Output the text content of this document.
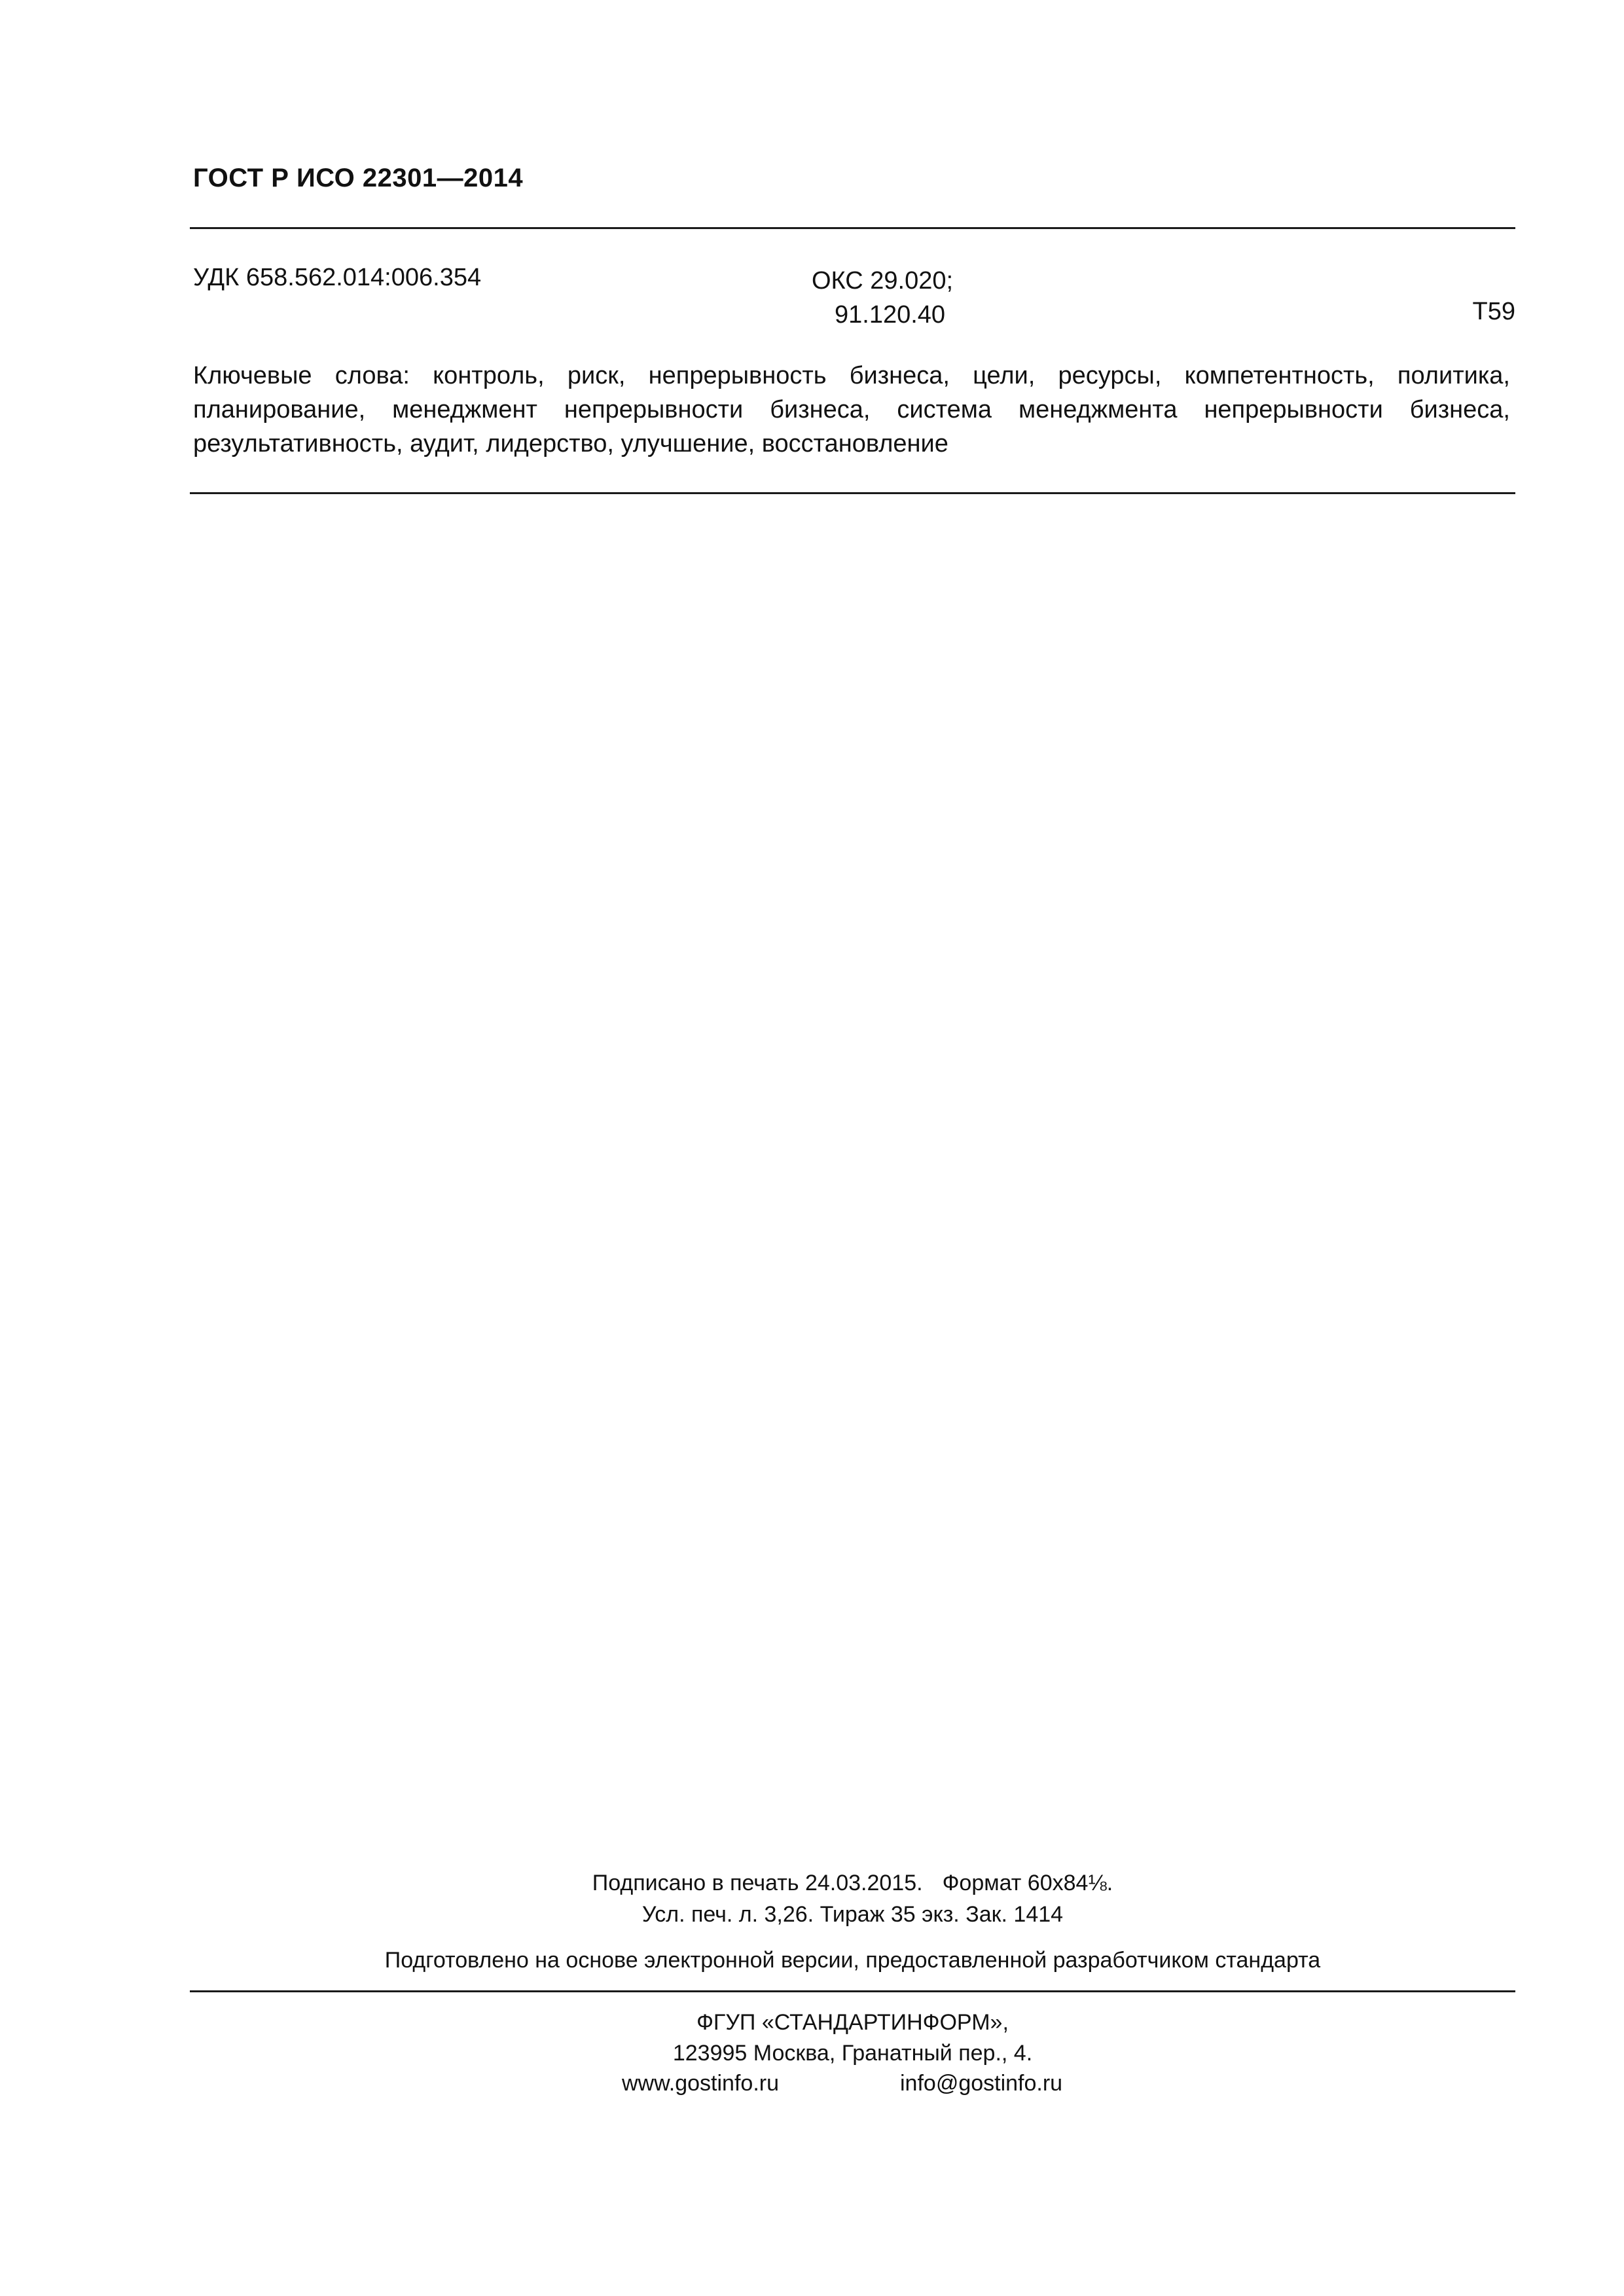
ГОСТ Р ИСО 22301—2014
УДК 658.562.014:006.354	ОКС 29.020;
91.120.40	Т59
Ключевые слова: контроль, риск, непрерывность бизнеса, цели, ресурсы, компетентность, политика, планирование, менеджмент непрерывности бизнеса, система менеджмента непрерывности бизнеса, результативность, аудит, лидерство, улучшение, восстановление
Подписано в печать 24.03.2015. Формат 60x84⅛.
Усл. печ. л. 3,26. Тираж 35 экз. Зак. 1414
Подготовлено на основе электронной версии, предоставленной разработчиком стандарта
ФГУП «СТАНДАРТИНФОРМ»,
123995 Москва, Гранатный пер., 4.
www.gostinfo.ru	info@gostinfo.ru
